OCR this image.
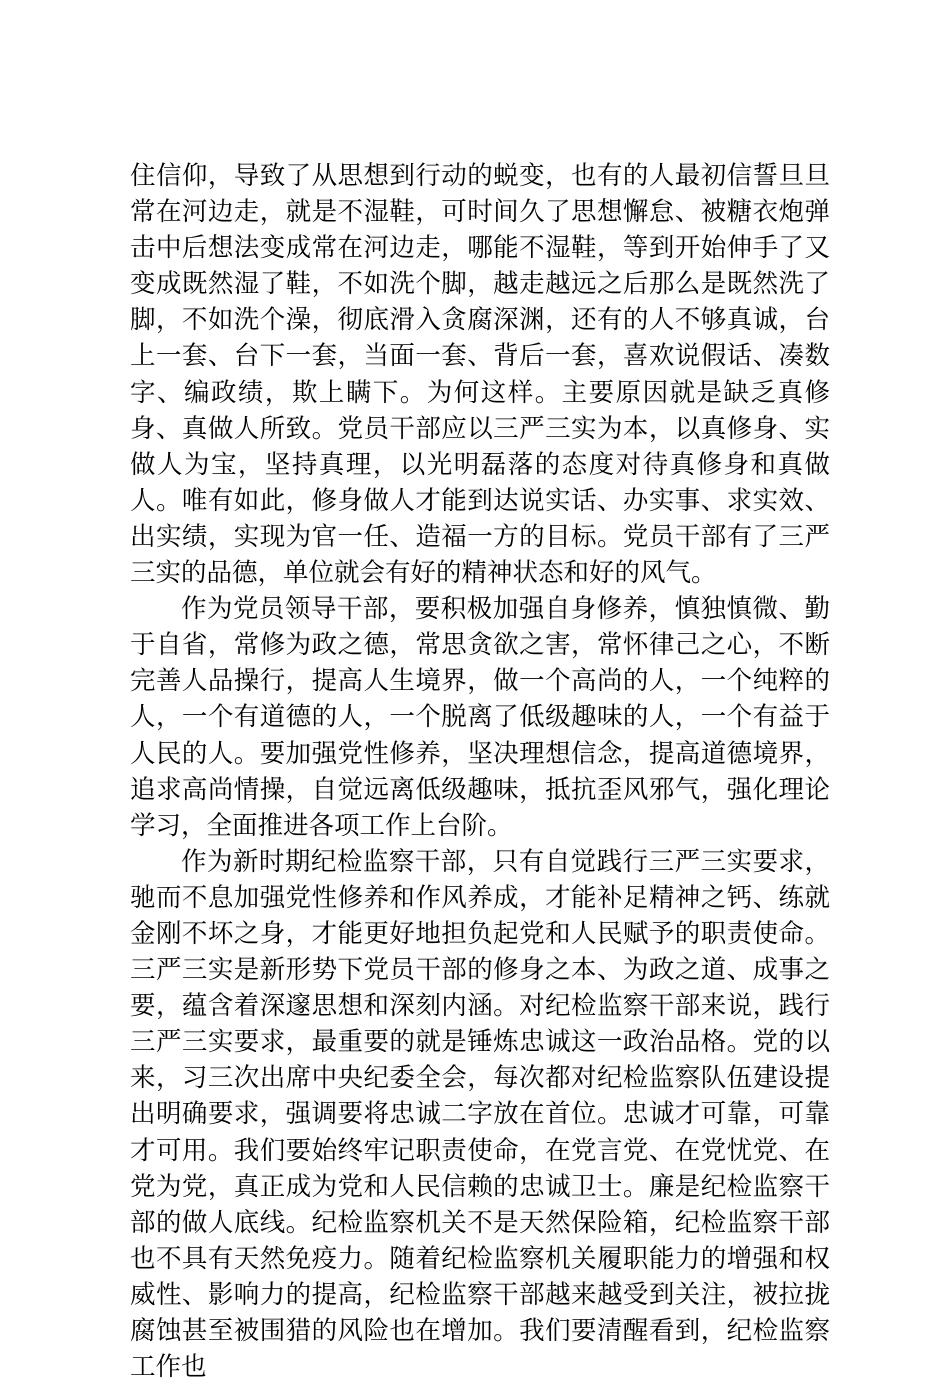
住信仰，导致了从思想到行动的蜕变，也有的人最初信誓旦旦常在河边走，就是不湿鞋，可时间久了思想懈怠、被糖衣炮弹击中后想法变成常在河边走，哪能不湿鞋，等到开始伸手了又变成既然湿了鞋，不如洗个脚，越走越远之后那么是既然洗了脚，不如洗个澡，彻底滑入贪腐深渊，还有的人不够真诚，台上一套、台下一套，当面一套、背后一套，喜欢说假话、凑数字、编政绩，欺上瞒下。为何这样。主要原因就是缺乏真修身、真做人所致。党员干部应以三严三实为本，以真修身、实做人为宝，坚持真理，以光明磊落的态度对待真修身和真做人。唯有如此，修身做人才能到达说实话、办实事、求实效、出实绩，实现为官一任、造福一方的目标。党员干部有了三严三实的品德，单位就会有好的精神状态和好的风气。

作为党员领导干部，要积极加强自身修养，慎独慎微、勤于自省，常修为政之德，常思贪欲之害，常怀律己之心，不断完善人品操行，提高人生境界，做一个高尚的人，一个纯粹的人，一个有道德的人，一个脱离了低级趣味的人，一个有益于人民的人。要加强党性修养，坚决理想信念，提高道德境界，追求高尚情操，自觉远离低级趣味，抵抗歪风邪气，强化理论学习，全面推进各项工作上台阶。

作为新时期纪检监察干部，只有自觉践行三严三实要求，驰而不息加强党性修养和作风养成，才能补足精神之钙、练就金刚不坏之身，才能更好地担负起党和人民赋予的职责使命。三严三实是新形势下党员干部的修身之本、为政之道、成事之要，蕴含着深邃思想和深刻内涵。对纪检监察干部来说，践行三严三实要求，最重要的就是锤炼忠诚这一政治品格。党的以来，习三次出席中央纪委全会，每次都对纪检监察队伍建设提出明确要求，强调要将忠诚二字放在首位。忠诚才可靠，可靠才可用。我们要始终牢记职责使命，在党言党、在党忧党、在党为党，真正成为党和人民信赖的忠诚卫士。廉是纪检监察干部的做人底线。纪检监察机关不是天然保险箱，纪检监察干部也不具有天然免疫力。随着纪检监察机关履职能力的增强和权威性、影响力的提高，纪检监察干部越来越受到关注，被拉拢腐蚀甚至被围猎的风险也在增加。我们要清醒看到，纪检监察工作也
